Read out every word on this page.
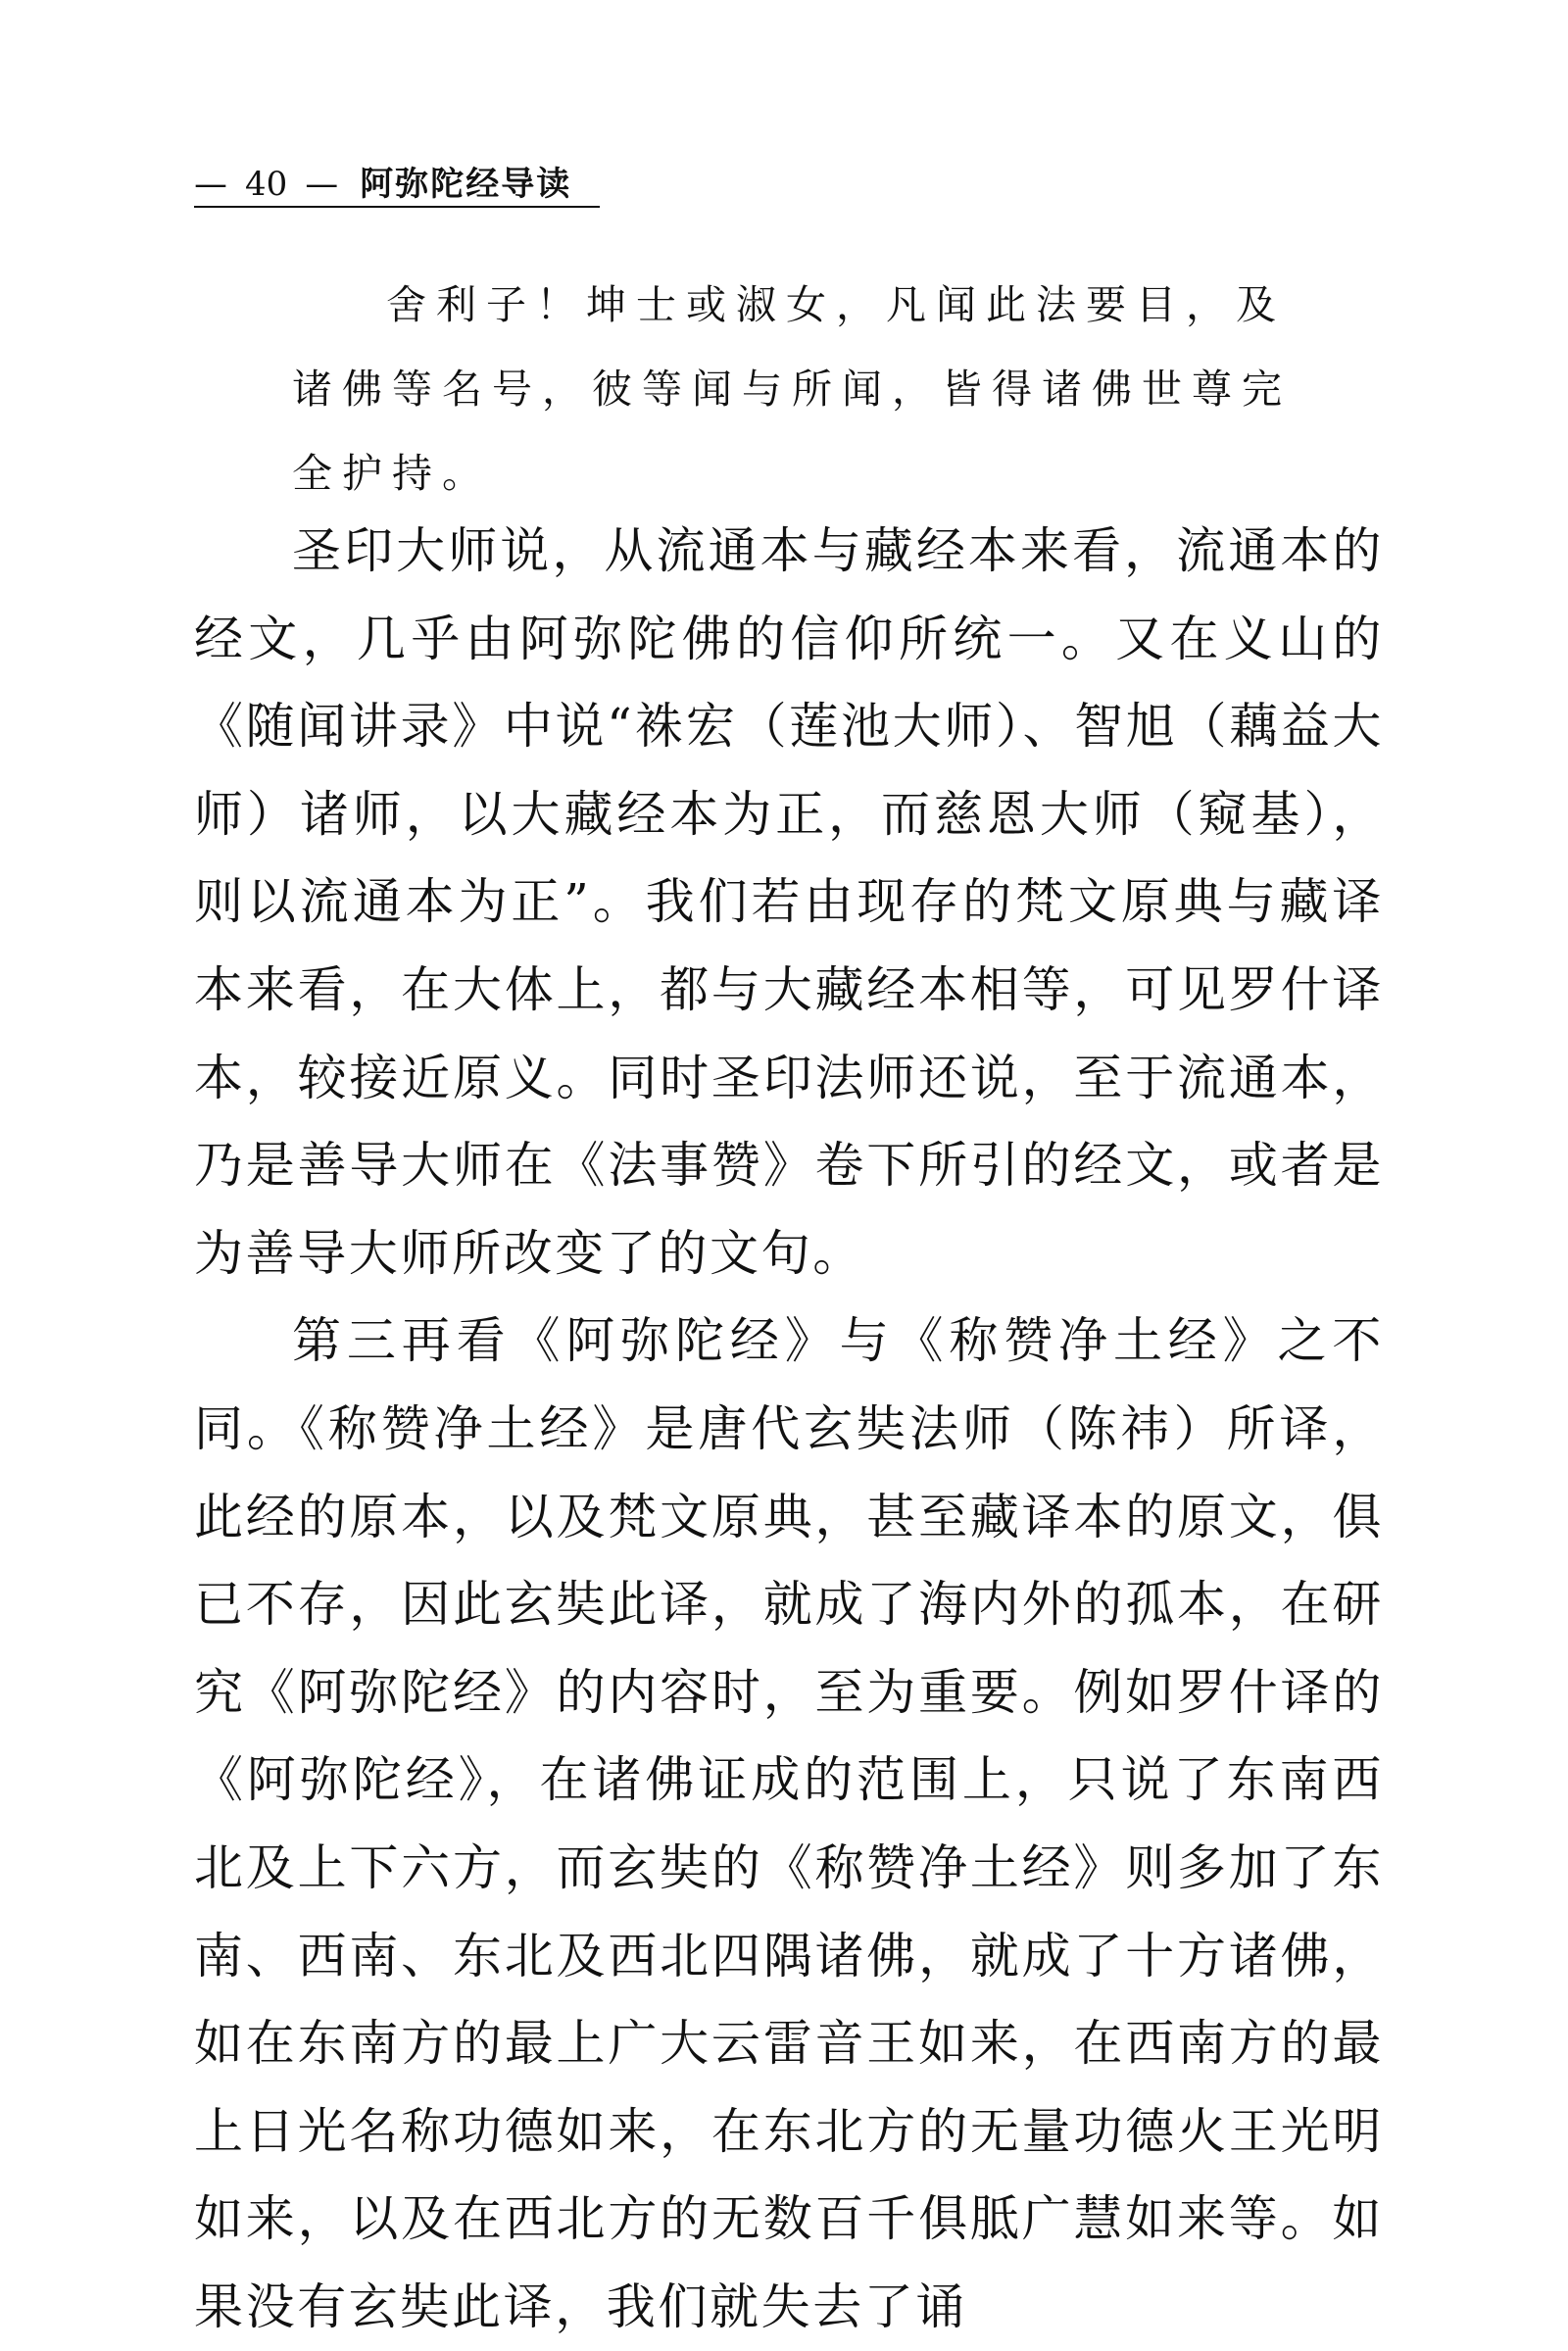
— 40 — 阿弥陀经导读

舍利子！坤士或淑女，凡闻此法要目，及诸佛等名号，彼等闻与所闻，皆得诸佛世尊完全护持。

圣印大师说，从流通本与藏经本来看，流通本的经文，几乎由阿弥陀佛的信仰所统一。又在义山的《随闻讲录》中说“袾宏（莲池大师）、智旭（藕益大师）诸师，以大藏经本为正，而慈恩大师（窥基），则以流通本为正”。我们若由现存的梵文原典与藏译本来看，在大体上，都与大藏经本相等，可见罗什译本，较接近原义。同时圣印法师还说，至于流通本，乃是善导大师在《法事赞》卷下所引的经文，或者是为善导大师所改变了的文句。

第三再看《阿弥陀经》与《称赞净土经》之不同。《称赞净土经》是唐代玄奘法师（陈祎）所译，此经的原本，以及梵文原典，甚至藏译本的原文，俱已不存，因此玄奘此译，就成了海内外的孤本，在研究《阿弥陀经》的内容时，至为重要。例如罗什译的《阿弥陀经》，在诸佛证成的范围上，只说了东南西北及上下六方，而玄奘的《称赞净土经》则多加了东南、西南、东北及西北四隅诸佛，就成了十方诸佛，如在东南方的最上广大云雷音王如来，在西南方的最上日光名称功德如来，在东北方的无量功德火王光明如来，以及在西北方的无数百千俱胝广慧如来等。如果没有玄奘此译，我们就失去了诵
